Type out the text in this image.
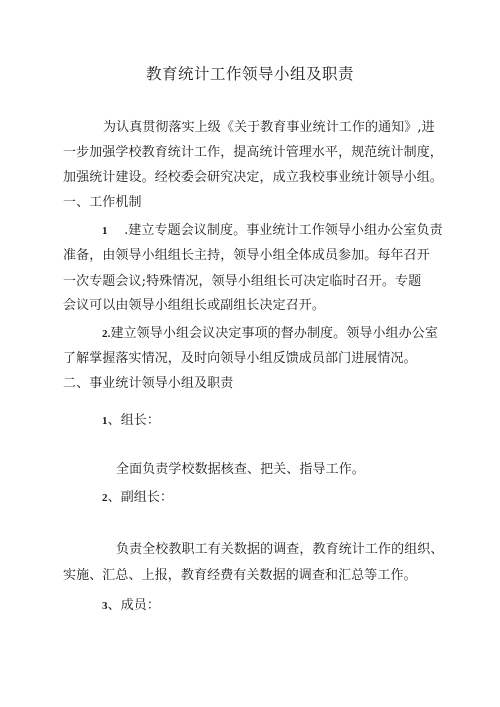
教育统计工作领导小组及职责
为认真贯彻落实上级《关于教育事业统计工作的通知》,进
一步加强学校教育统计工作，提高统计管理水平，规范统计制度，
加强统计建设。经校委会研究决定，成立我校事业统计领导小组。
一、工作机制
1 .建立专题会议制度。事业统计工作领导小组办公室负责
准备，由领导小组组长主持，领导小组全体成员参加。每年召开
一次专题会议;特殊情况，领导小组组长可决定临时召开。专题
会议可以由领导小组组长或副组长决定召开。
2.建立领导小组会议决定事项的督办制度。领导小组办公室
了解掌握落实情况，及时向领导小组反馈成员部门进展情况。
二、事业统计领导小组及职责
1、组长：
全面负责学校数据核查、把关、指导工作。
2、副组长：
负责全校教职工有关数据的调查，教育统计工作的组织、
实施、汇总、上报，教育经费有关数据的调查和汇总等工作。
3、成员：
